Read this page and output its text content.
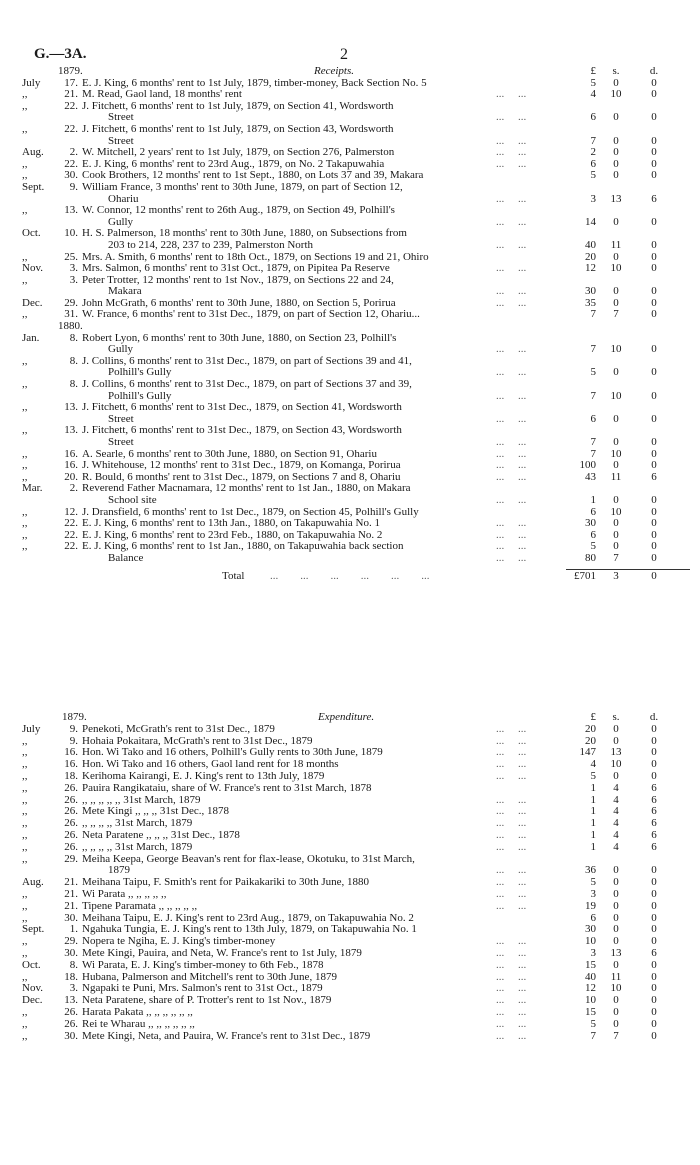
G.—3A.	2
1879.	Receipts.	£	s.	d.
July	17. E. J. King, 6 months' rent to 1st July, 1879, timber-money, Back Section No. 5	5	0	0
,,	21. M. Read, Gaol land, 18 months' rent	...     ...	4	10	0
,,	22. J. Fitchett, 6 months' rent to 1st July, 1879, on Section 41, Wordsworth
Street	...     ...	6	0	0
,,	22. J. Fitchett, 6 months' rent to 1st July, 1879, on Section 43, Wordsworth
Street	...     ...	7	0	0
Aug.	2. W. Mitchell, 2 years' rent to 1st July, 1879, on Section 276, Palmerston	...     ...	2	0	0
,,	22. E. J. King, 6 months' rent to 23rd Aug., 1879, on No. 2 Takapuwahia	...     ...	6	0	0
,,	30. Cook Brothers, 12 months' rent to 1st Sept., 1880, on Lots 37 and 39, Makara	5	0	0
Sept.	9. William France, 3 months' rent to 30th June, 1879, on part of Section 12,
Ohariu	...     ...	3	13	6
,,	13. W. Connor, 12 months' rent to 26th Aug., 1879, on Section 49, Polhill's
Gully	...     ...	14	0	0
Oct.	10. H. S. Palmerson, 18 months' rent to 30th June, 1880, on Subsections from
203 to 214, 228, 237 to 239, Palmerston North	...     ...	40	11	0
,,	25. Mrs. A. Smith, 6 months' rent to 18th Oct., 1879, on Sections 19 and 21, Ohiro	20	0	0
Nov.	3. Mrs. Salmon, 6 months' rent to 31st Oct., 1879, on Pipitea Pa Reserve	...     ...	12	10	0
,,	3. Peter Trotter, 12 months' rent to 1st Nov., 1879, on Sections 22 and 24,
Makara	...     ...	30	0	0
Dec.	29. John McGrath, 6 months' rent to 30th June, 1880, on Section 5, Porirua	...     ...	35	0	0
,,	31. W. France, 6 months' rent to 31st Dec., 1879, on part of Section 12, Ohariu...	7	7	0
1880.
Jan.	8. Robert Lyon, 6 months' rent to 30th June, 1880, on Section 23, Polhill's
Gully	...     ...	7	10	0
,,	8. J. Collins, 6 months' rent to 31st Dec., 1879, on part of Sections 39 and 41,
Polhill's Gully	...     ...	5	0	0
,,	8. J. Collins, 6 months' rent to 31st Dec., 1879, on part of Sections 37 and 39,
Polhill's Gully	...     ...	7	10	0
,,	13. J. Fitchett, 6 months' rent to 31st Dec., 1879, on Section 41, Wordsworth
Street	...     ...	6	0	0
,,	13. J. Fitchett, 6 months' rent to 31st Dec., 1879, on Section 43, Wordsworth
Street	...     ...	7	0	0
,,	16. A. Searle, 6 months' rent to 30th June, 1880, on Section 91, Ohariu	...     ...	7	10	0
,,	16. J. Whitehouse, 12 months' rent to 31st Dec., 1879, on Komanga, Porirua	...     ...	100	0	0
,,	20. R. Bould, 6 months' rent to 31st Dec., 1879, on Sections 7 and 8, Ohariu	...     ...	43	11	6
Mar.	2. Reverend Father Macnamara, 12 months' rent to 1st Jan., 1880, on Makara
School site	...     ...	1	0	0
,,	12. J. Dransfield, 6 months' rent to 1st Dec., 1879, on Section 45, Polhill's Gully	6	10	0
,,	22. E. J. King, 6 months' rent to 13th Jan., 1880, on Takapuwahia No. 1	...     ...	30	0	0
,,	22. E. J. King, 6 months' rent to 23rd Feb., 1880, on Takapuwahia No. 2	...     ...	6	0	0
,,	22. E. J. King, 6 months' rent to 1st Jan., 1880, on Takapuwahia back section	...     ...	5	0	0
Balance	...     ...	80	7	0
Total	...        ...        ...        ...        ...        ...	£701	3	0
1879.	Expenditure.	£	s.	d.
July	9. Penekoti, McGrath's rent to 31st Dec., 1879	...     ...	20	0	0
,,	9. Hohaia Pokaitara, McGrath's rent to 31st Dec., 1879	...     ...	20	0	0
,,	16. Hon. Wi Tako and 16 others, Polhill's Gully rents to 30th June, 1879	...     ...	147	13	0
,,	16. Hon. Wi Tako and 16 others, Gaol land rent for 18 months	...     ...	4	10	0
,,	18. Kerihoma Kairangi, E. J. King's rent to 13th July, 1879	...     ...	5	0	0
,,	26. Pauira Rangikataiu, share of W. France's rent to 31st March, 1878	1	4	6
,,	26. ,, ,, ,, ,, ,, 31st March, 1879	...     ...	1	4	6
,,	26. Mete Kingi ,, ,, ,, 31st Dec., 1878	...     ...	1	4	6
,,	26. ,, ,, ,, ,, 31st March, 1879	...     ...	1	4	6
,,	26. Neta Paratene ,, ,, ,, 31st Dec., 1878	...     ...	1	4	6
,,	26. ,, ,, ,, ,, 31st March, 1879	...     ...	1	4	6
,,	29. Meiha Keepa, George Beavan's rent for flax-lease, Okotuku, to 31st March,
1879	...     ...	36	0	0
Aug.	21. Meihana Taipu, F. Smith's rent for Paikakariki to 30th June, 1880	...     ...	5	0	0
,,	21. Wi Parata ,, ,, ,, ,, ,,	...     ...	3	0	0
,,	21. Tipene Paramata ,, ,, ,, ,, ,,	...     ...	19	0	0
,,	30. Meihana Taipu, E. J. King's rent to 23rd Aug., 1879, on Takapuwahia No. 2	6	0	0
Sept.	1. Ngahuka Tungia, E. J. King's rent to 13th July, 1879, on Takapuwahia No. 1	30	0	0
,,	29. Nopera te Ngiha, E. J. King's timber-money	...     ...	10	0	0
,,	30. Mete Kingi, Pauira, and Neta, W. France's rent to 1st July, 1879	...     ...	3	13	6
Oct.	8. Wi Parata, E. J. King's timber-money to 6th Feb., 1878	...     ...	15	0	0
,,	18. Hubana, Palmerson and Mitchell's rent to 30th June, 1879	...     ...	40	11	0
Nov.	3. Ngapaki te Puni, Mrs. Salmon's rent to 31st Oct., 1879	...     ...	12	10	0
Dec.	13. Neta Paratene, share of P. Trotter's rent to 1st Nov., 1879	...     ...	10	0	0
,,	26. Harata Pakata ,, ,, ,, ,, ,, ,,	...     ...	15	0	0
,,	26. Rei te Wharau ,, ,, ,, ,, ,, ,,	...     ...	5	0	0
,,	30. Mete Kingi, Neta, and Pauira, W. France's rent to 31st Dec., 1879	...     ...	7	7	0
